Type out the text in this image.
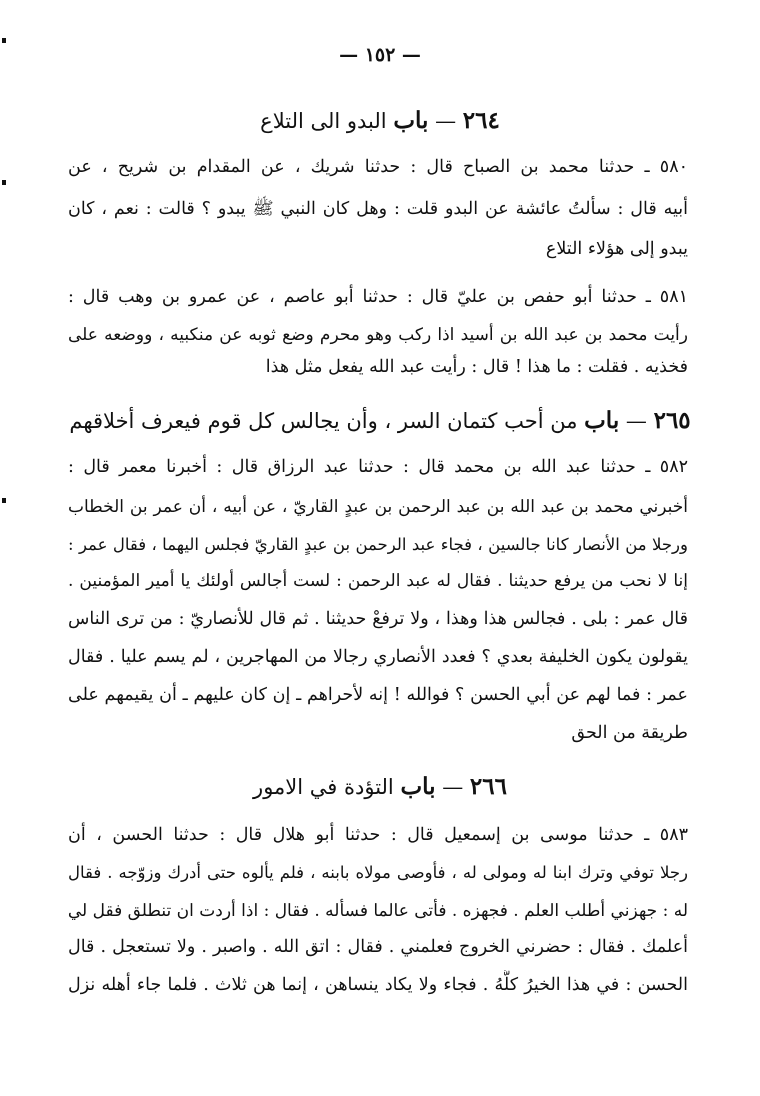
— ١٥٢ —
٢٦٤ — باب البدو الى التلاع
٥٨٠ ـ حدثنا محمد بن الصباح قال : حدثنا شريك ، عن المقدام بن شريح ، عن
أبيه قال : سألتُ عائشة عن البدو قلت : وهل كان النبي ﷺ يبدو ؟ قالت : نعم ، كان
يبدو إلى هؤلاء التلاع
٥٨١ ـ حدثنا أبو حفص بن عليّ قال : حدثنا أبو عاصم ، عن عمرو بن وهب قال :
رأيت محمد بن عبد الله بن أسيد اذا ركب وهو محرم وضع ثوبه عن منكبيه ، ووضعه على
فخذيه . فقلت : ما هذا ! قال : رأيت عبد الله يفعل مثل هذا
٢٦٥ — باب من أحب كتمان السر ، وأن يجالس كل قوم فيعرف أخلاقهم
٥٨٢ ـ حدثنا عبد الله بن محمد قال : حدثنا عبد الرزاق قال : أخبرنا معمر قال :
أخبرني محمد بن عبد الله بن عبد الرحمن بن عبدٍ القاريّ ، عن أبيه ، أن عمر بن الخطاب
ورجلا من الأنصار كانا جالسين ، فجاء عبد الرحمن بن عبدٍ القاريّ فجلس اليهما ، فقال عمر :
إنا لا نحب من يرفع حديثنا . فقال له عبد الرحمن : لست أجالس أولئك يا أمير المؤمنين .
قال عمر : بلى . فجالس هذا وهذا ، ولا ترفعْ حديثنا . ثم قال للأنصاريّ : من ترى الناس
يقولون يكون الخليفة بعدي ؟ فعدد الأنصاري رجالا من المهاجرين ، لم يسم عليا . فقال
عمر : فما لهم عن أبي الحسن ؟ فوالله ! إنه لأحراهم ـ إن كان عليهم ـ أن يقيمهم على
طريقة من الحق
٢٦٦ — باب التؤدة في الامور
٥٨٣ ـ حدثنا موسى بن إسمعيل قال : حدثنا أبو هلال قال : حدثنا الحسن ، أن
رجلا توفي وترك ابنا له ومولى له ، فأوصى مولاه بابنه ، فلم يألوه حتى أدرك وزوّجه . فقال
له : جهزني أطلب العلم . فجهزه . فأتى عالما فسأله . فقال : اذا أردت ان تنطلق فقل لي
أعلمك . فقال : حضرني الخروج فعلمني . فقال : اتق الله . واصبر . ولا تستعجل . قال
الحسن : في هذا الخيرُ كلُّهُ . فجاء ولا يكاد ينساهن ، إنما هن ثلاث . فلما جاء أهله نزل
